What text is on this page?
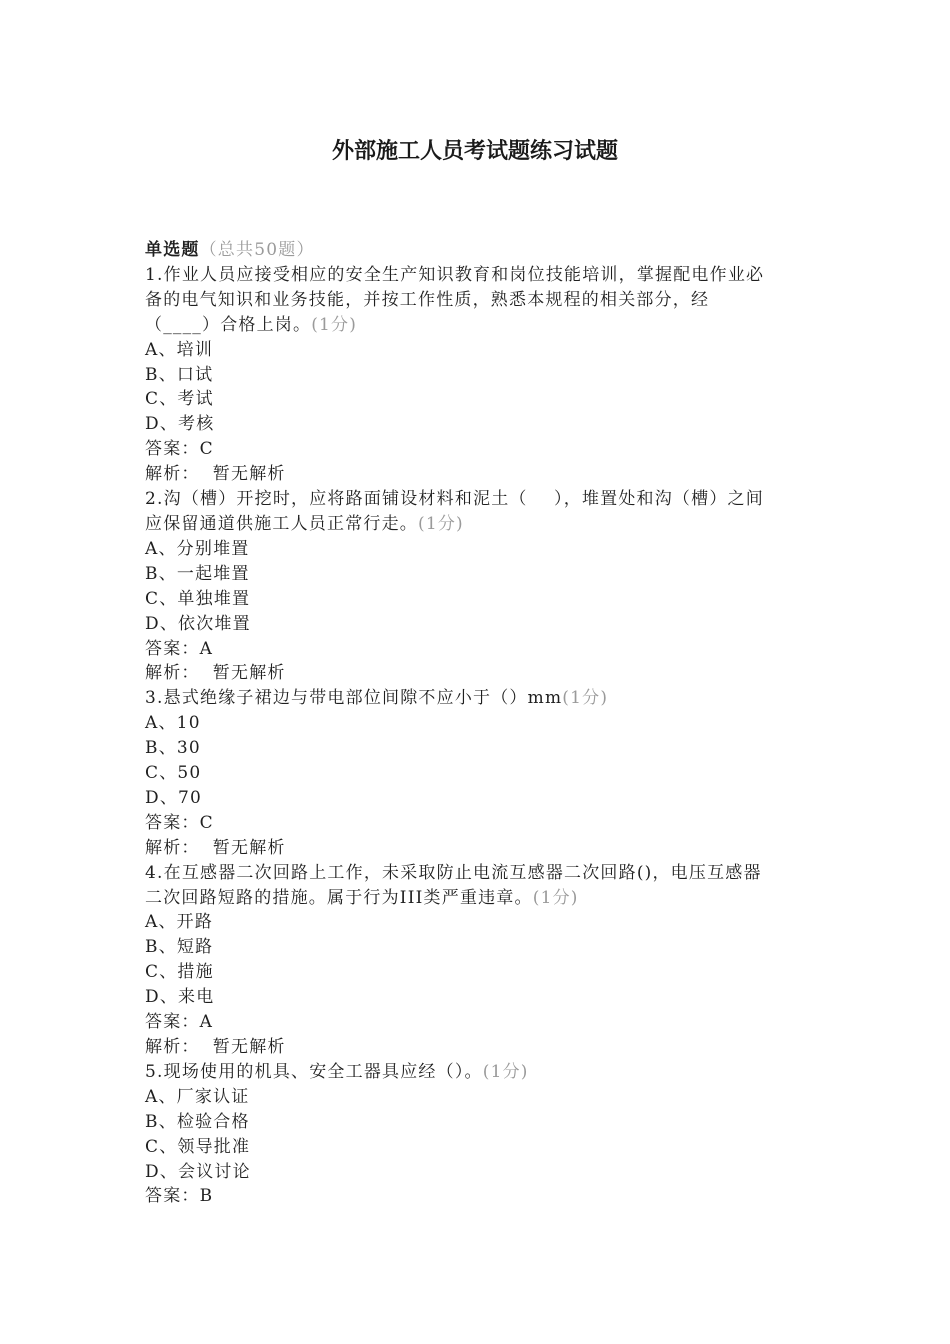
外部施工人员考试题练习试题
单选题（总共50题）
1.作业人员应接受相应的安全生产知识教育和岗位技能培训，掌握配电作业必
备的电气知识和业务技能，并按工作性质，熟悉本规程的相关部分，经
（____）合格上岗。(1分)
A、培训
B、口试
C、考试
D、考核
答案：C
解析：  暂无解析
2.沟（槽）开挖时，应将路面铺设材料和泥土（    ），堆置处和沟（槽）之间
应保留通道供施工人员正常行走。(1分)
A、分别堆置
B、一起堆置
C、单独堆置
D、依次堆置
答案：A
解析：  暂无解析
3.悬式绝缘子裙边与带电部位间隙不应小于（）mm(1分)
A、10
B、30
C、50
D、70
答案：C
解析：  暂无解析
4.在互感器二次回路上工作，未采取防止电流互感器二次回路()，电压互感器
二次回路短路的措施。属于行为III类严重违章。(1分)
A、开路
B、短路
C、措施
D、来电
答案：A
解析：  暂无解析
5.现场使用的机具、安全工器具应经（）。(1分)
A、厂家认证
B、检验合格
C、领导批准
D、会议讨论
答案：B
